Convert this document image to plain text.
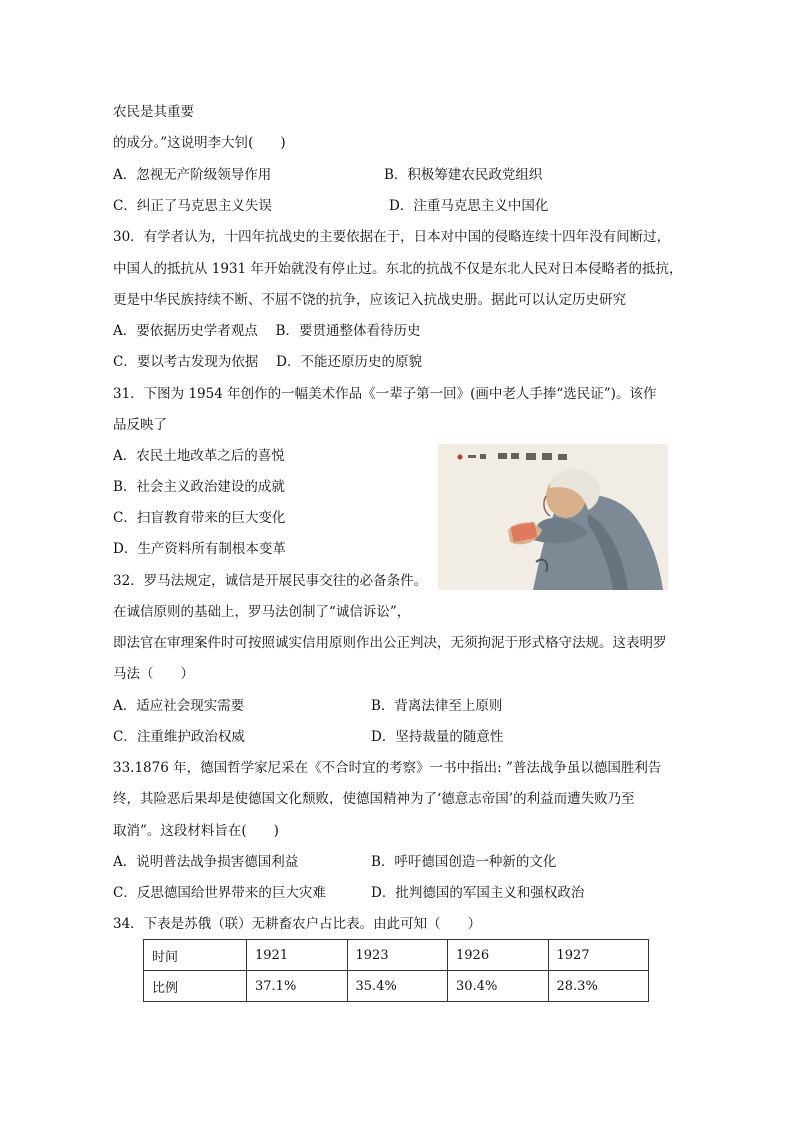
农民是其重要
的成分。”这说明李大钊(　　)
A．忽视无产阶级领导作用	B．积极筹建农民政党组织
C．纠正了马克思主义失误	D．注重马克思主义中国化
30．有学者认为，十四年抗战史的主要依据在于，日本对中国的侵略连续十四年没有间断过，
中国人的抵抗从 1931 年开始就没有停止过。东北的抗战不仅是东北人民对日本侵略者的抵抗，
更是中华民族持续不断、不屈不饶的抗争，应该记入抗战史册。据此可以认定历史研究
A．要依据历史学者观点　 B．要贯通整体看待历史
C．要以考古发现为依据　 D．不能还原历史的原貌
31．下图为 1954 年创作的一幅美术作品《一辈子第一回》(画中老人手捧“选民证”)。该作
品反映了
A．农民土地改革之后的喜悦
B．社会主义政治建设的成就
C．扫盲教育带来的巨大变化
D．生产资料所有制根本变革
32．罗马法规定，诚信是开展民事交往的必备条件。
在诚信原则的基础上，罗马法创制了“诚信诉讼”，
即法官在审理案件时可按照诚实信用原则作出公正判决，无须拘泥于形式格守法规。这表明罗
马法（　　）
A．适应社会现实需要	B．背离法律至上原则
C．注重维护政治权威	D．坚持裁量的随意性
33.1876 年，德国哲学家尼采在《不合时宜的考察》一书中指出: ”普法战争虽以德国胜利告
终，其险恶后果却是使德国文化颓败，使德国精神为了‘德意志帝国’的利益而遭失败乃至
取消”。这段材料旨在(　　)
A．说明普法战争损害德国利益	B．呼吁德国创造一种新的文化
C．反思德国给世界带来的巨大灾难	D．批判德国的军国主义和强权政治
34．下表是苏俄（联）无耕畜农户占比表。由此可知（　　）
时间	1921	1923	1926	1927
比例	37.1%	35.4%	30.4%	28.3%
